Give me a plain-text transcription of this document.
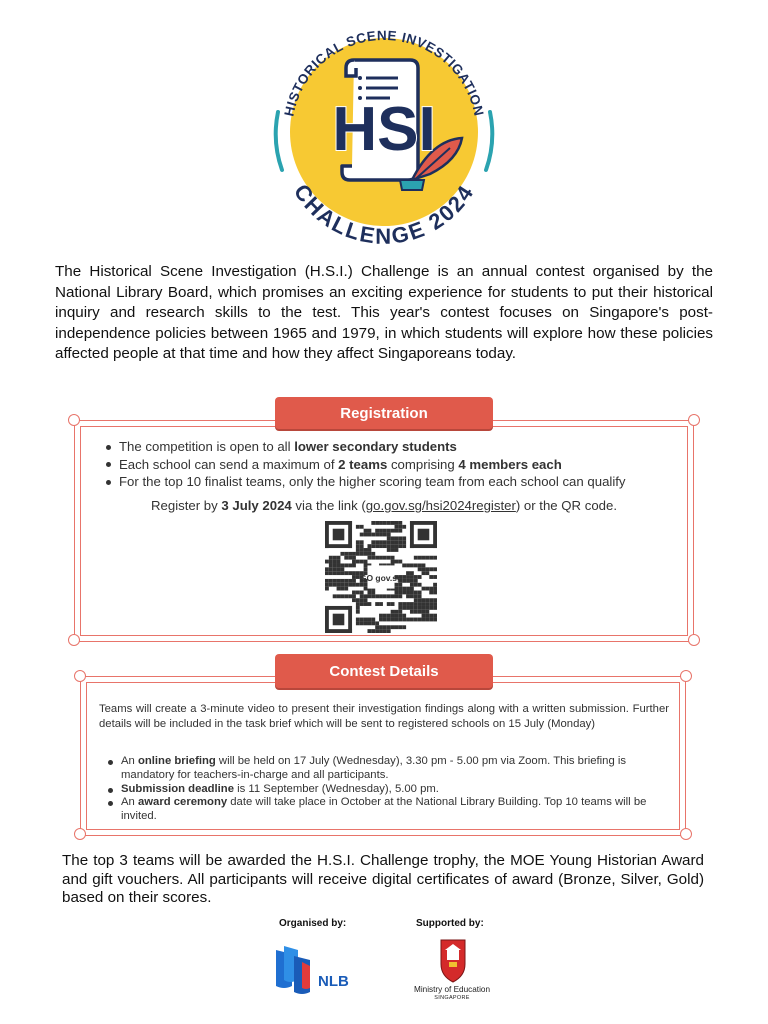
HSI
HISTORICAL SCENE INVESTIGATION
CHALLENGE 2024
The Historical Scene Investigation (H.S.I.) Challenge is an annual contest organised by the National Library Board, which promises an exciting experience for students to put their historical inquiry and research skills to the test. This year's contest focuses on Singapore's post-independence policies between 1965 and 1979, in which students will explore how these policies affected people at that time and how they affect Singaporeans today.
Registration
The competition is open to all lower secondary students
Each school can send a maximum of 2 teams comprising 4 members each
For the top 10 finalist teams, only the higher scoring team from each school can qualify
Register by 3 July 2024 via the link (go.gov.sg/hsi2024register) or the QR code.
GO gov.sg
Contest Details
Teams will create a 3-minute video to present their investigation findings along with a written submission. Further details will be included in the task brief which will be sent to registered schools on 15 July (Monday)
An online briefing will be held on 17 July (Wednesday), 3.30 pm - 5.00 pm via Zoom. This briefing is mandatory for teachers-in-charge and all participants.
Submission deadline is 11 September (Wednesday), 5.00 pm.
An award ceremony date will take place in October at the National Library Building. Top 10 teams will be invited.
The top 3 teams will be awarded the H.S.I. Challenge trophy, the MOE Young Historian Award and gift vouchers. All participants will receive digital certificates of award (Bronze, Silver, Gold) based on their scores.
Organised by:	Supported by:
NLB	Ministry of Education
SINGAPORE
